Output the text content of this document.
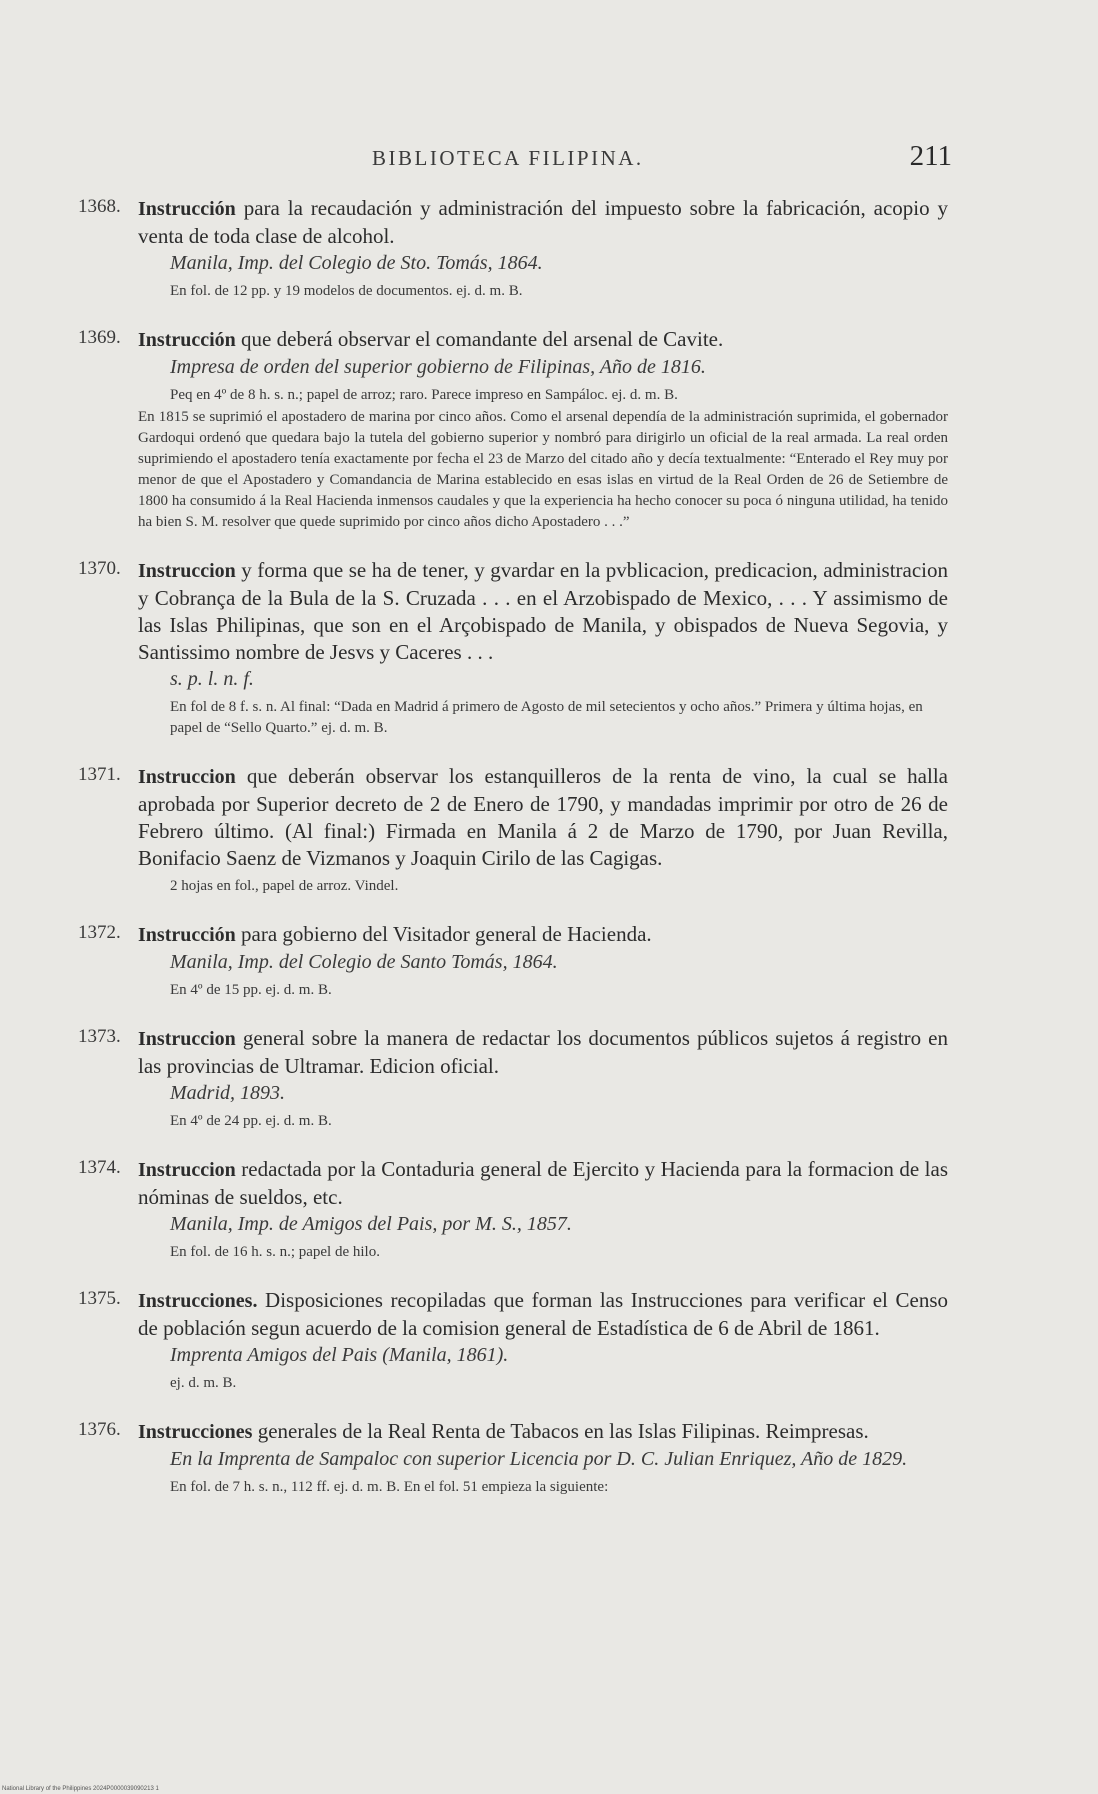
BIBLIOTECA FILIPINA.	211
1368. Instrucción para la recaudación y administración del impuesto sobre la fabricación, acopio y venta de toda clase de alcohol.
Manila, Imp. del Colegio de Sto. Tomás, 1864.
En fol. de 12 pp. y 19 modelos de documentos. ej. d. m. B.
1369. Instrucción que deberá observar el comandante del arsenal de Cavite.
Impresa de orden del superior gobierno de Filipinas, Año de 1816.
Peq en 4º de 8 h. s. n.; papel de arroz; raro. Parece impreso en Sampáloc. ej. d. m. B.
En 1815 se suprimió el apostadero de marina por cinco años. Como el arsenal dependía de la administración suprimida, el gobernador Gardoqui ordenó que quedara bajo la tutela del gobierno superior y nombró para dirigirlo un oficial de la real armada. La real orden suprimiendo el apostadero tenía exactamente por fecha el 23 de Marzo del citado año y decía textualmente: “Enterado el Rey muy por menor de que el Apostadero y Comandancia de Marina establecido en esas islas en virtud de la Real Orden de 26 de Setiembre de 1800 ha consumido á la Real Hacienda inmensos caudales y que la experiencia ha hecho conocer su poca ó ninguna utilidad, ha tenido ha bien S. M. resolver que quede suprimido por cinco años dicho Apostadero . . .”
1370. Instruccion y forma que se ha de tener, y gvardar en la pvblicacion, predicacion, administracion y Cobrança de la Bula de la S. Cruzada . . . en el Arzobispado de Mexico, . . . Y assimismo de las Islas Philipinas, que son en el Arçobispado de Manila, y obispados de Nueva Segovia, y Santissimo nombre de Jesvs y Caceres . . .
s. p. l. n. f.
En fol de 8 f. s. n. Al final: “Dada en Madrid á primero de Agosto de mil setecientos y ocho años.” Primera y última hojas, en papel de “Sello Quarto.” ej. d. m. B.
1371. Instruccion que deberán observar los estanquilleros de la renta de vino, la cual se halla aprobada por Superior decreto de 2 de Enero de 1790, y mandadas imprimir por otro de 26 de Febrero último. (Al final:) Firmada en Manila á 2 de Marzo de 1790, por Juan Revilla, Bonifacio Saenz de Vizmanos y Joaquin Cirilo de las Cagigas.
2 hojas en fol., papel de arroz. Vindel.
1372. Instrucción para gobierno del Visitador general de Hacienda.
Manila, Imp. del Colegio de Santo Tomás, 1864.
En 4º de 15 pp. ej. d. m. B.
1373. Instruccion general sobre la manera de redactar los documentos públicos sujetos á registro en las provincias de Ultramar. Edicion oficial.
Madrid, 1893.
En 4º de 24 pp. ej. d. m. B.
1374. Instruccion redactada por la Contaduria general de Ejercito y Hacienda para la formacion de las nóminas de sueldos, etc.
Manila, Imp. de Amigos del Pais, por M. S., 1857.
En fol. de 16 h. s. n.; papel de hilo.
1375. Instrucciones. Disposiciones recopiladas que forman las Instrucciones para verificar el Censo de población segun acuerdo de la comision general de Estadística de 6 de Abril de 1861.
Imprenta Amigos del Pais (Manila, 1861).
ej. d. m. B.
1376. Instrucciones generales de la Real Renta de Tabacos en las Islas Filipinas. Reimpresas.
En la Imprenta de Sampaloc con superior Licencia por D. C. Julian Enriquez, Año de 1829.
En fol. de 7 h. s. n., 112 ff. ej. d. m. B. En el fol. 51 empieza la siguiente:
National Library of the Philippines 2024P0000039090213 1
